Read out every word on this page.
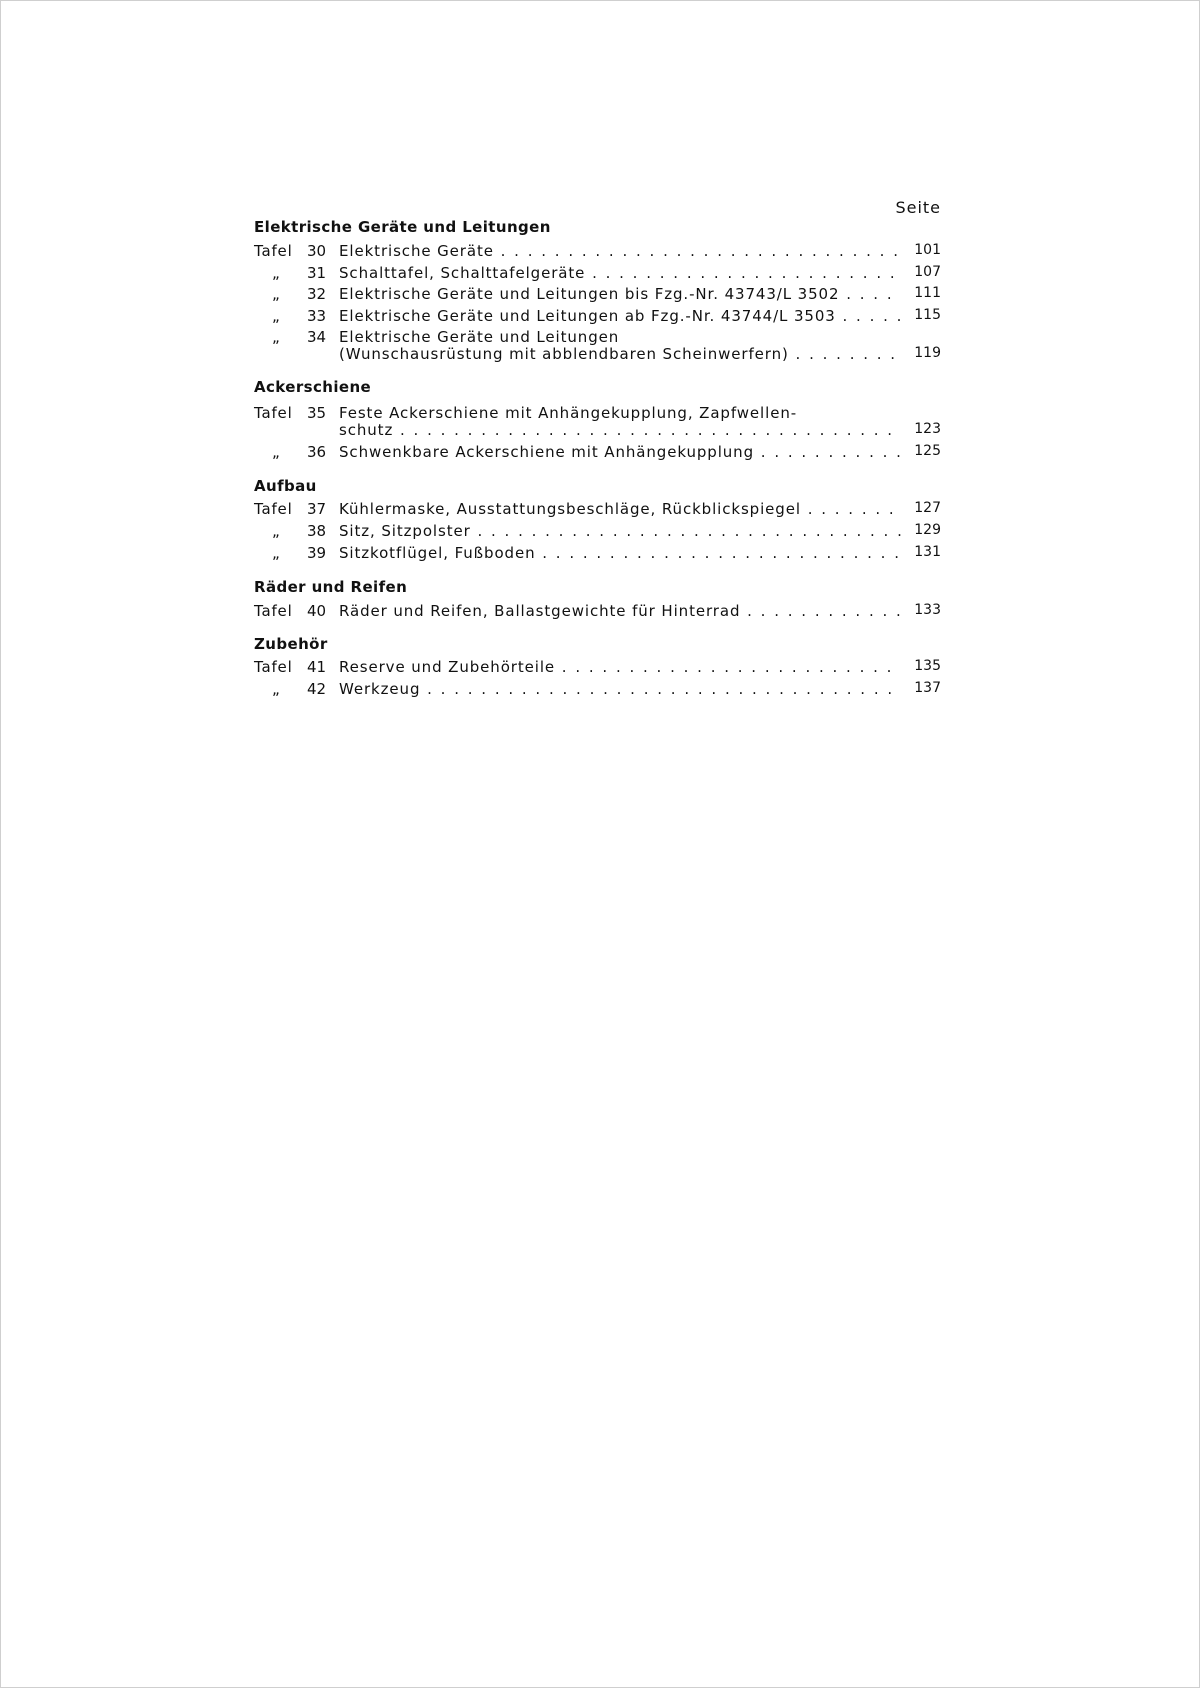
Seite
Elektrische Geräte und Leitungen
Tafel 30 Elektrische Geräte . . .	101
„ 31 Schalttafel, Schalttafelgeräte . . .	107
„ 32 Elektrische Geräte und Leitungen bis Fzg.-Nr. 43743/L 3502 . . .	111
„ 33 Elektrische Geräte und Leitungen ab Fzg.-Nr. 43744/L 3503 . . .	115
„ 34 Elektrische Geräte und Leitungen
(Wunschausrüstung mit abblendbaren Scheinwerfern) . . .	119
Ackerschiene
Tafel 35 Feste Ackerschiene mit Anhängekupplung, Zapfwellen-
schutz . . .	123
„ 36 Schwenkbare Ackerschiene mit Anhängekupplung . . .	125
Aufbau
Tafel 37 Kühlermaske, Ausstattungsbeschläge, Rückblickspiegel . . .	127
„ 38 Sitz, Sitzpolster . . .	129
„ 39 Sitzkotflügel, Fußboden . . .	131
Räder und Reifen
Tafel 40 Räder und Reifen, Ballastgewichte für Hinterrad . . .	133
Zubehör
Tafel 41 Reserve und Zubehörteile . . .	135
„ 42 Werkzeug . . .	137
